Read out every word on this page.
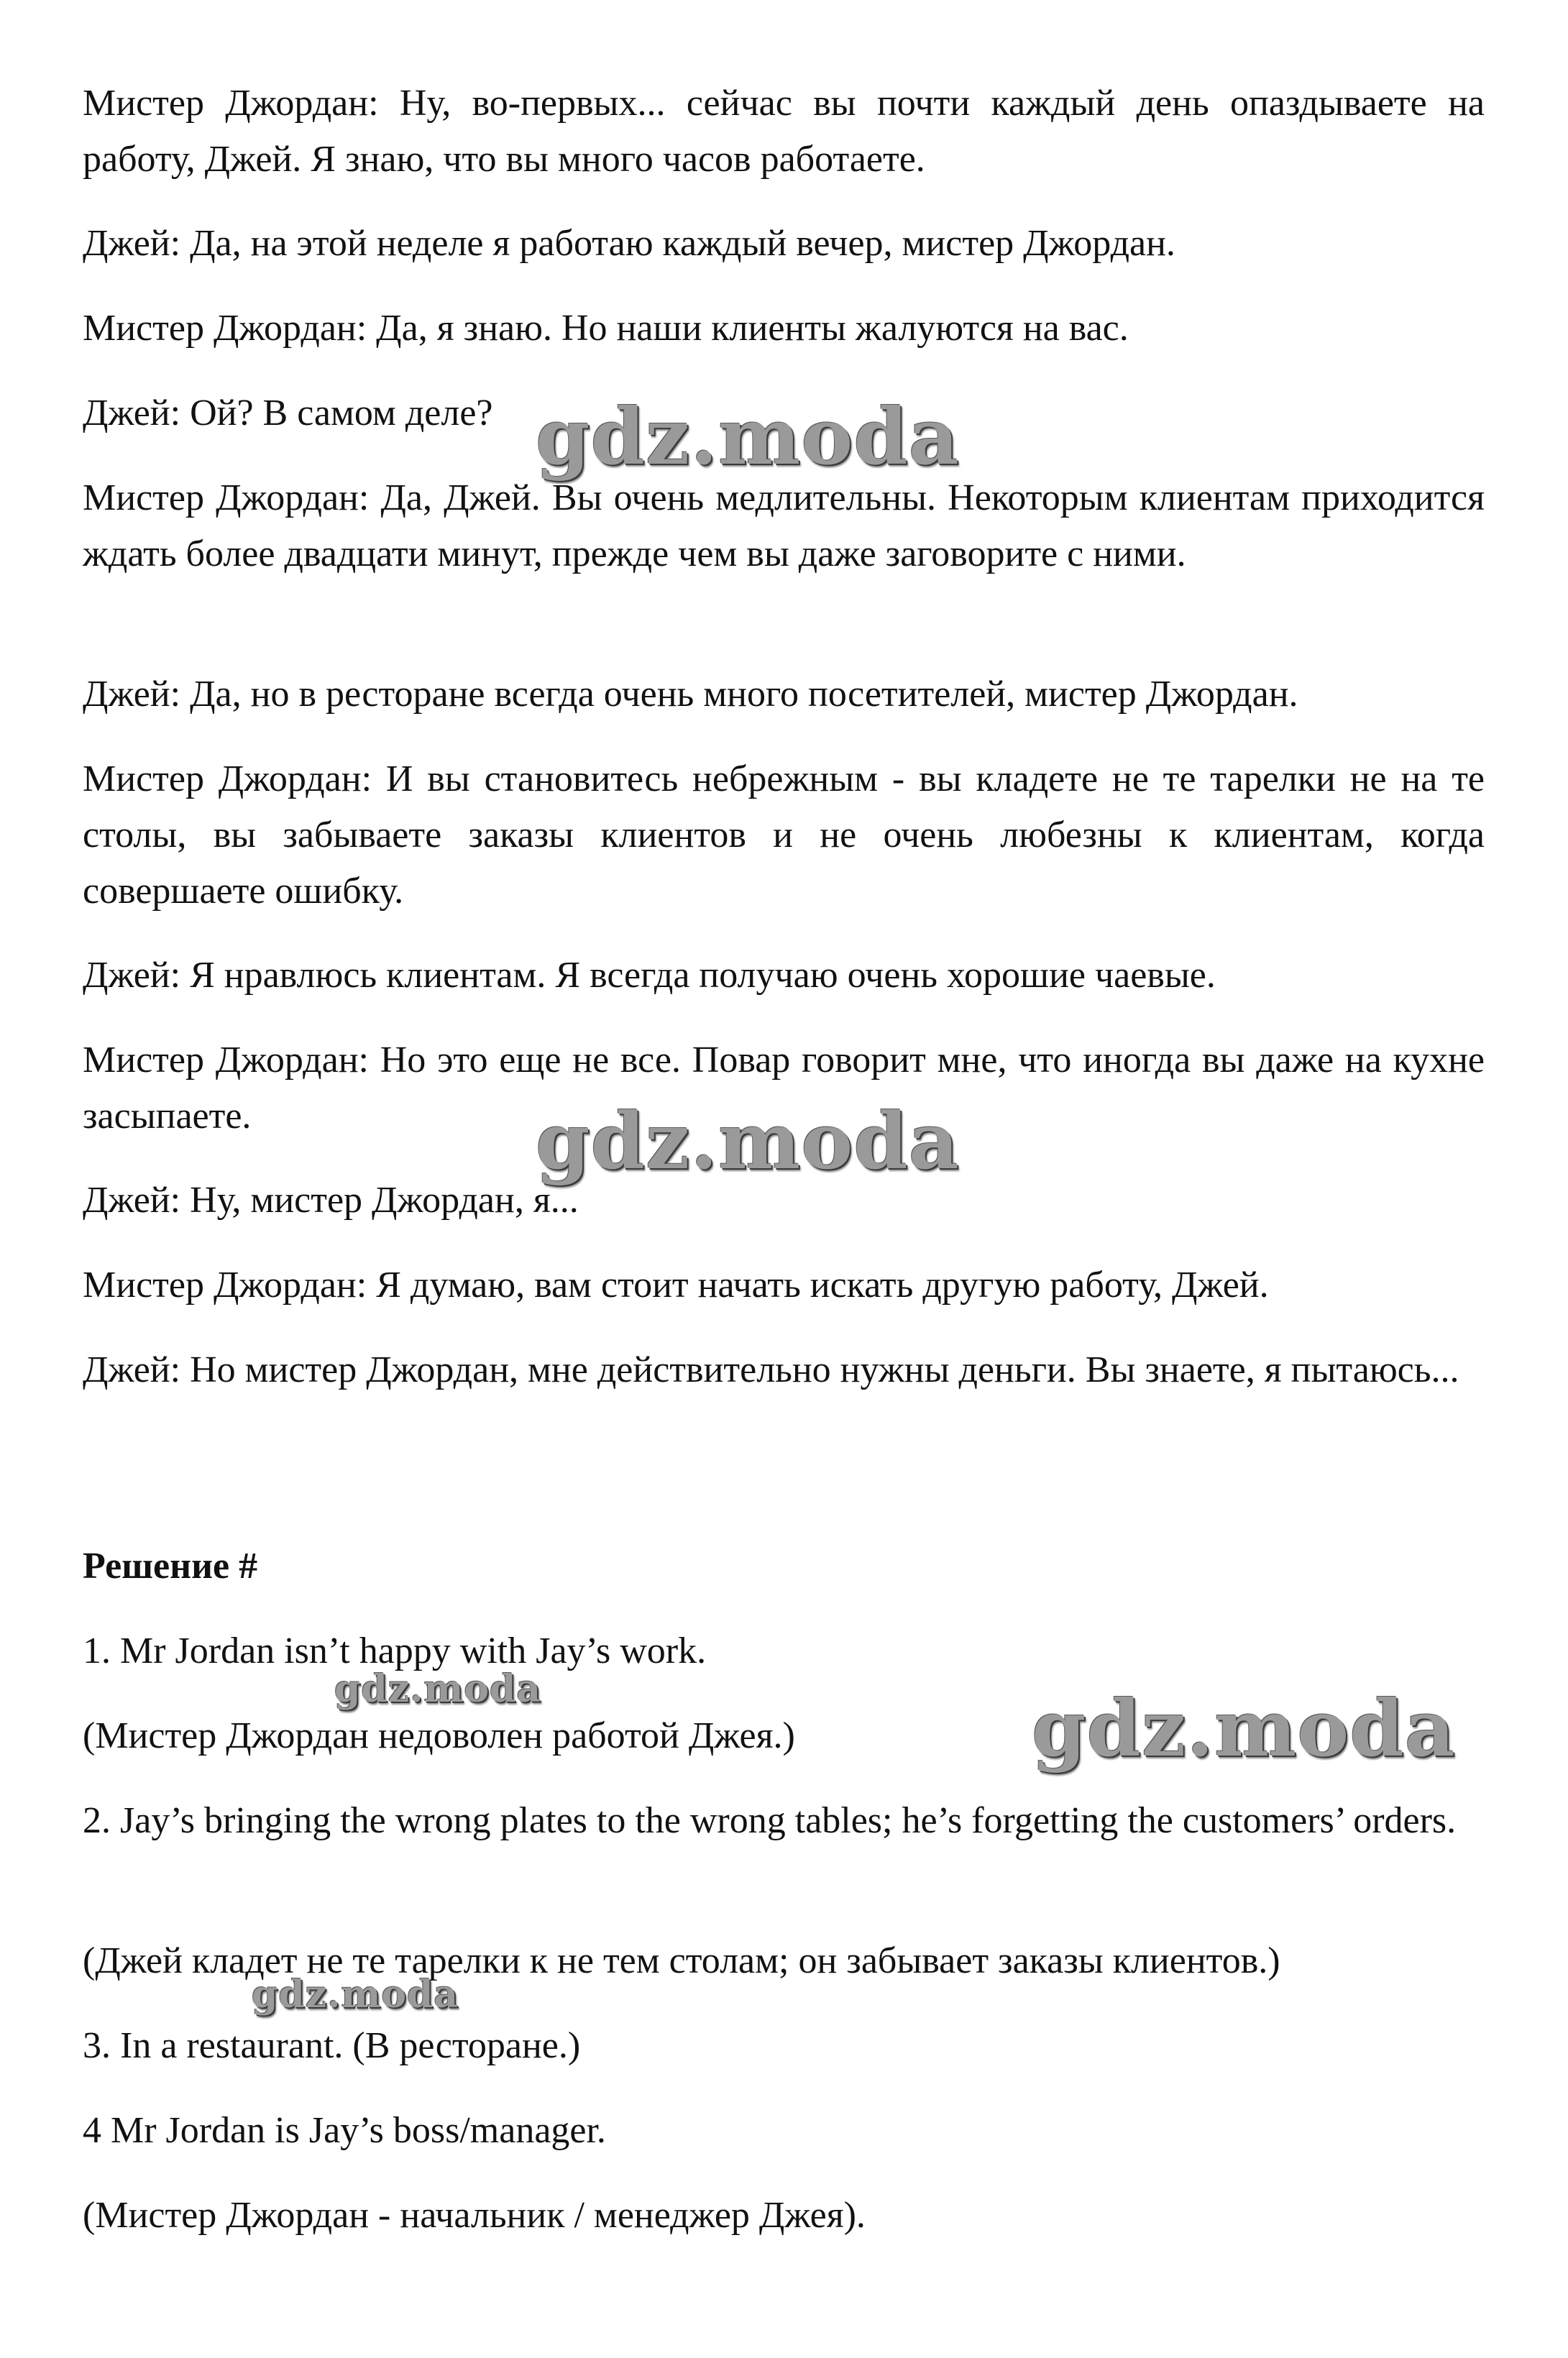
Мистер Джордан: Ну, во-первых... сейчас вы почти каждый день опаздываете на работу, Джей. Я знаю, что вы много часов работаете.

Джей: Да, на этой неделе я работаю каждый вечер, мистер Джордан.

Мистер Джордан: Да, я знаю. Но наши клиенты жалуются на вас.

Джей: Ой? В самом деле?

Мистер Джордан: Да, Джей. Вы очень медлительны. Некоторым клиентам приходится ждать более двадцати минут, прежде чем вы даже заговорите с ними.

Джей: Да, но в ресторане всегда очень много посетителей, мистер Джордан.

Мистер Джордан: И вы становитесь небрежным - вы кладете не те тарелки не на те столы, вы забываете заказы клиентов и не очень любезны к клиентам, когда совершаете ошибку.

Джей: Я нравлюсь клиентам. Я всегда получаю очень хорошие чаевые.

Мистер Джордан: Но это еще не все. Повар говорит мне, что иногда вы даже на кухне засыпаете.

Джей: Ну, мистер Джордан, я...

Мистер Джордан: Я думаю, вам стоит начать искать другую работу, Джей.

Джей: Но мистер Джордан, мне действительно нужны деньги. Вы знаете, я пытаюсь...

Решение #

1. Mr Jordan isn’t happy with Jay’s work.

(Мистер Джордан недоволен работой Джея.)

2. Jay’s bringing the wrong plates to the wrong tables; he’s forgetting the customers’ orders.

(Джей кладет не те тарелки к не тем столам; он забывает заказы клиентов.)

3. In a restaurant. (В ресторане.)

4 Mr Jordan is Jay’s boss/manager.

(Мистер Джордан - начальник / менеджер Джея).

gdz.moda
gdz.moda
gdz.moda	gdz.moda
gdz.moda
